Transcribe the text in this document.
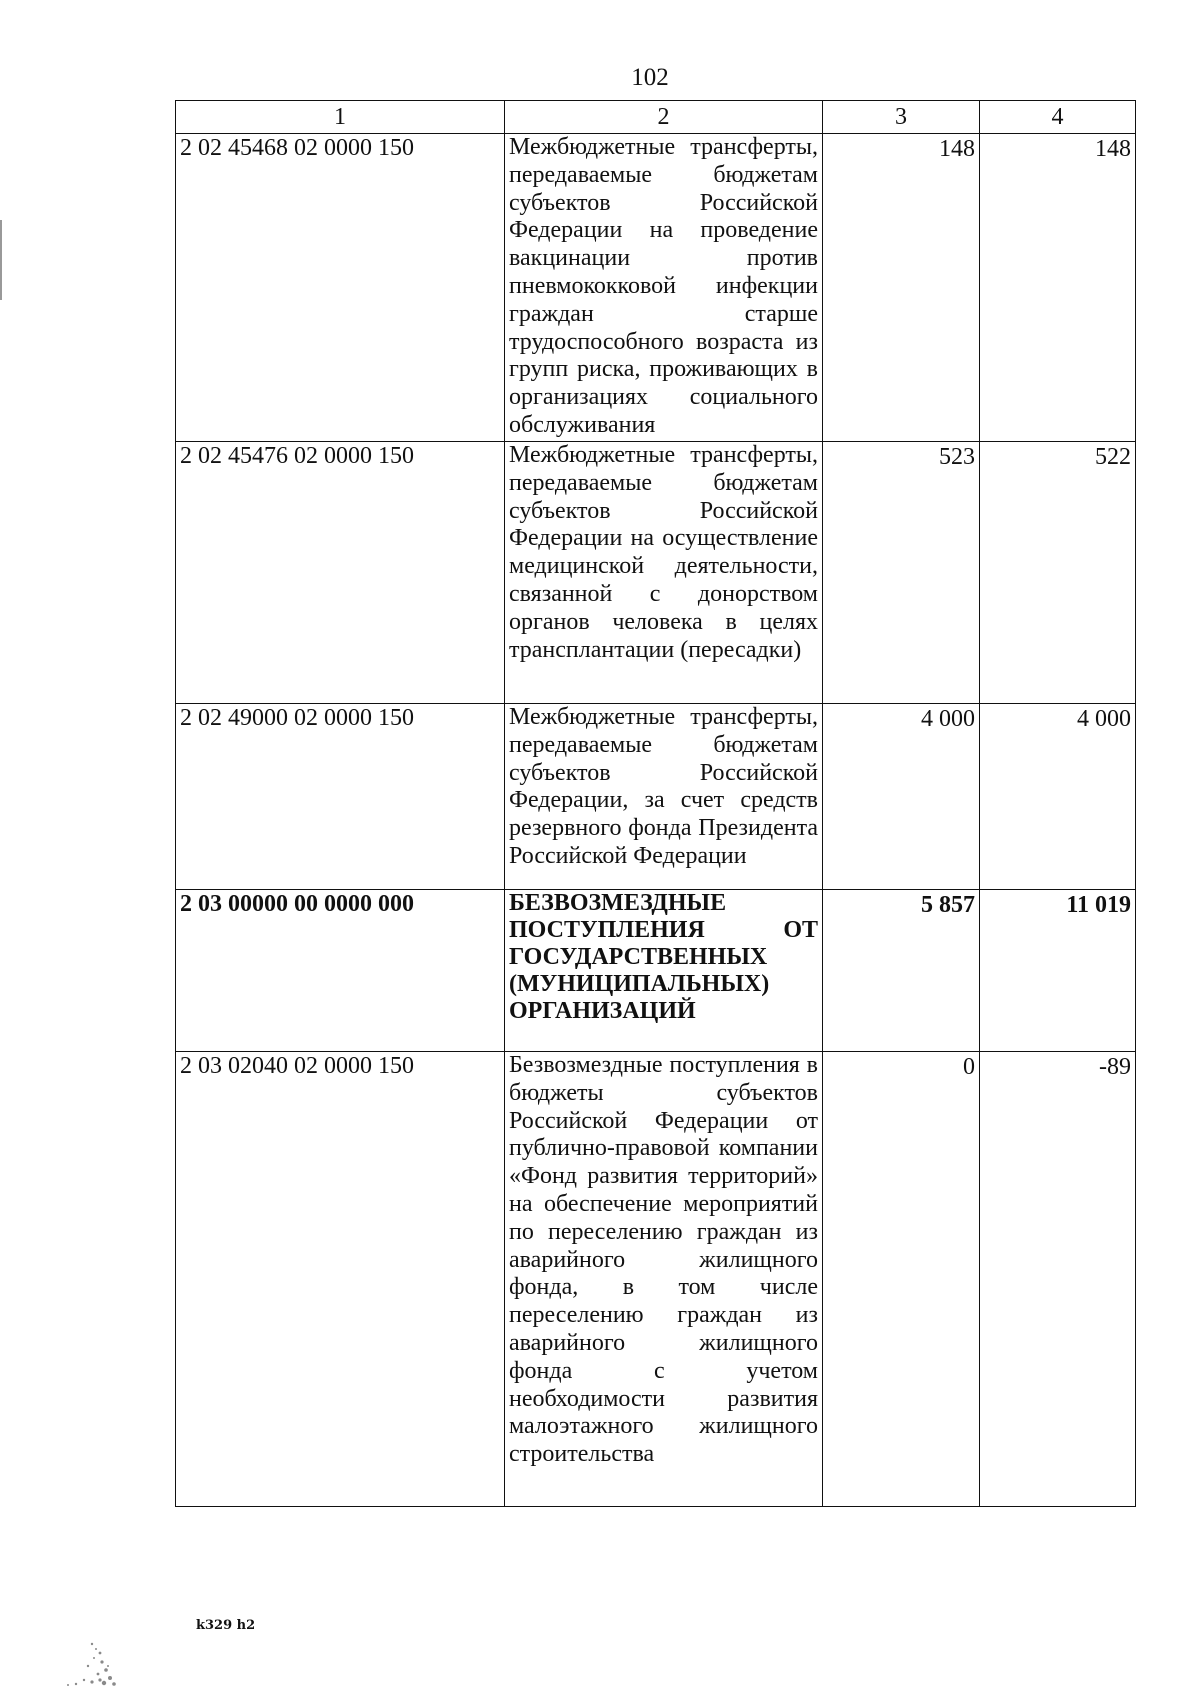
102
1	2	3	4
2 02 45468 02 0000 150	Межбюджетные трансферты, передаваемые бюджетам субъектов Российской Федерации на проведение вакцинации против пневмококковой инфекции граждан старше трудоспособного возраста из групп риска, проживающих в организациях социального обслуживания	148	148
2 02 45476 02 0000 150	Межбюджетные трансферты, передаваемые бюджетам субъектов Российской Федерации на осуществление медицинской деятельности, связанной с донорством органов человека в целях трансплантации (пересадки)	523	522
2 02 49000 02 0000 150	Межбюджетные трансферты, передаваемые бюджетам субъектов Российской Федерации, за счет средств резервного фонда Президента Российской Федерации	4 000	4 000
2 03 00000 00 0000 000	БЕЗВОЗМЕЗДНЫЕ ПОСТУПЛЕНИЯ ОТ ГОСУДАРСТВЕННЫХ (МУНИЦИПАЛЬНЫХ) ОРГАНИЗАЦИЙ	5 857	11 019
2 03 02040 02 0000 150	Безвозмездные поступления в бюджеты субъектов Российской Федерации от публично-правовой компании «Фонд развития территорий» на обеспечение мероприятий по переселению граждан из аварийного жилищного фонда, в том числе переселению граждан из аварийного жилищного фонда с учетом необходимости развития малоэтажного жилищного строительства	0	-89
k329 h2
